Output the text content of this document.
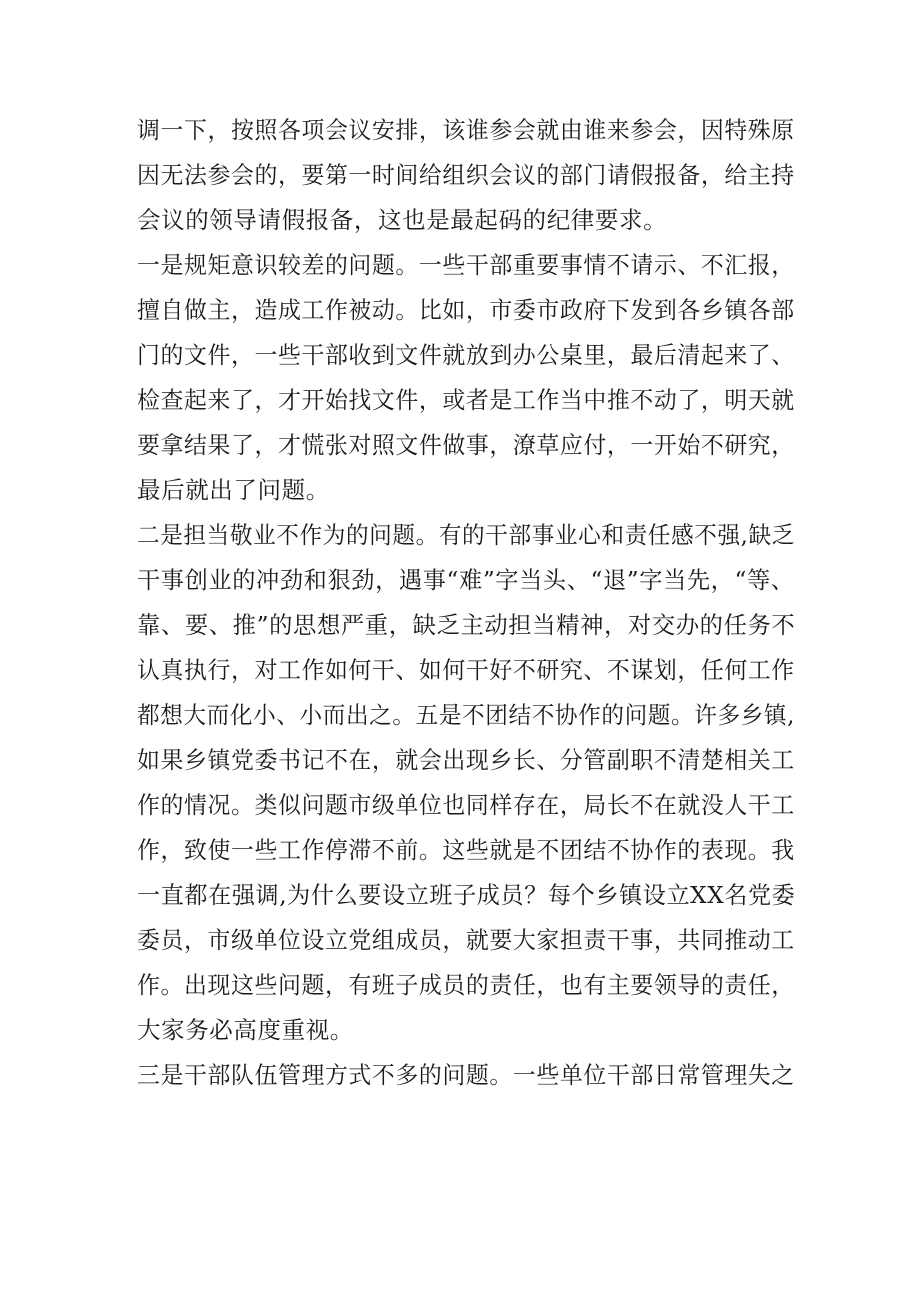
调一下，按照各项会议安排，该谁参会就由谁来参会，因特殊原
因无法参会的，要第一时间给组织会议的部门请假报备，给主持
会议的领导请假报备，这也是最起码的纪律要求。
一是规矩意识较差的问题。一些干部重要事情不请示、不汇报，
擅自做主，造成工作被动。比如，市委市政府下发到各乡镇各部
门的文件，一些干部收到文件就放到办公桌里，最后清起来了、
检查起来了，才开始找文件，或者是工作当中推不动了，明天就
要拿结果了，才慌张对照文件做事，潦草应付，一开始不研究，
最后就出了问题。
二是担当敬业不作为的问题。有的干部事业心和责任感不强,缺乏
干事创业的冲劲和狠劲，遇事“难”字当头、“退”字当先，“等、
靠、要、推”的思想严重，缺乏主动担当精神，对交办的任务不
认真执行，对工作如何干、如何干好不研究、不谋划，任何工作
都想大而化小、小而出之。五是不团结不协作的问题。许多乡镇,
如果乡镇党委书记不在，就会出现乡长、分管副职不清楚相关工
作的情况。类似问题市级单位也同样存在，局长不在就没人干工
作，致使一些工作停滞不前。这些就是不团结不协作的表现。我
一直都在强调,为什么要设立班子成员？每个乡镇设立XX名党委
委员，市级单位设立党组成员，就要大家担责干事，共同推动工
作。出现这些问题，有班子成员的责任，也有主要领导的责任，
大家务必高度重视。
三是干部队伍管理方式不多的问题。一些单位干部日常管理失之
